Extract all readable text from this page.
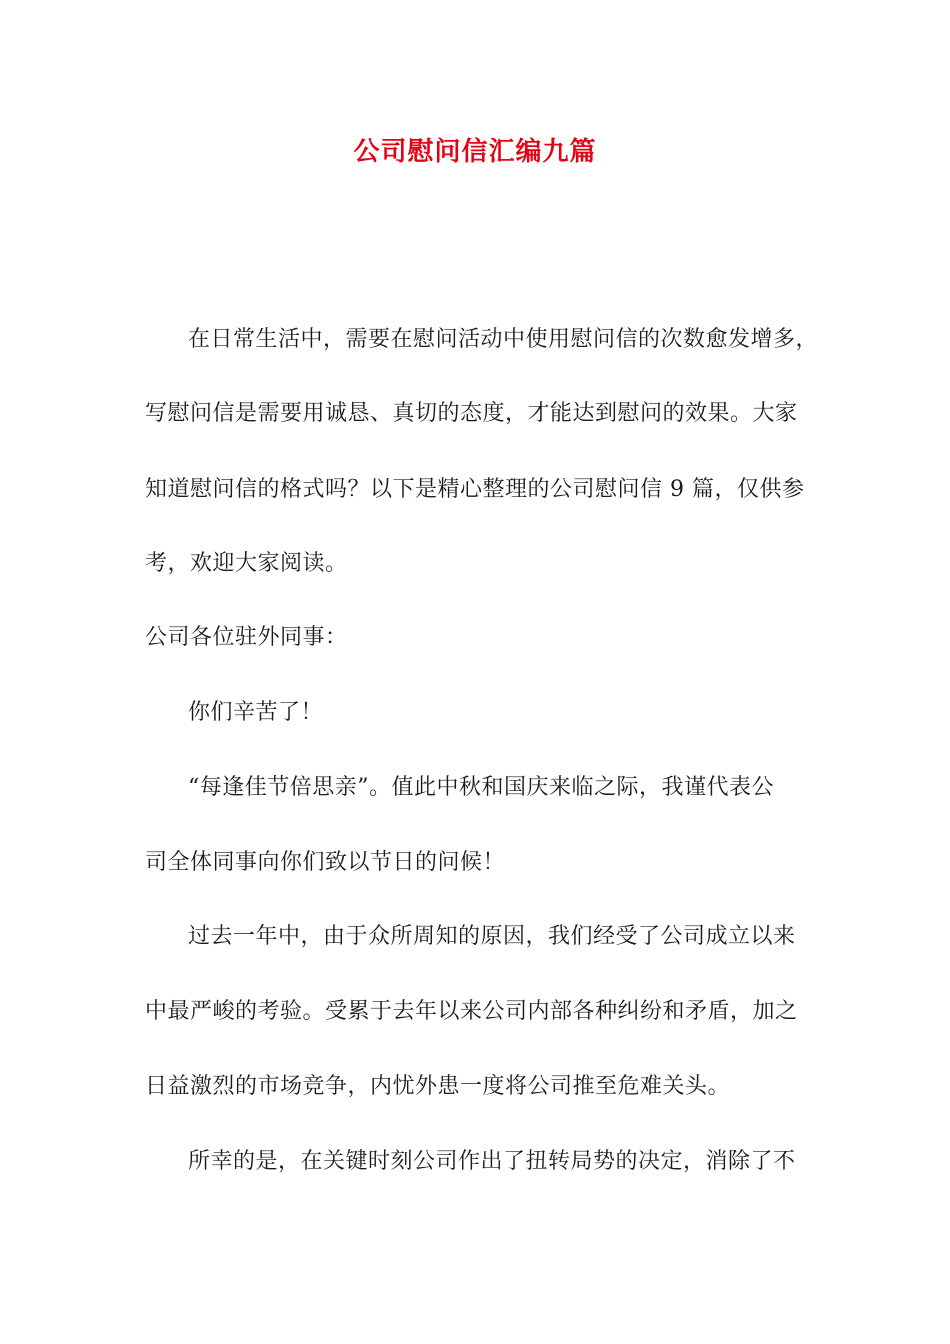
公司慰问信汇编九篇
在日常生活中，需要在慰问活动中使用慰问信的次数愈发增多，
写慰问信是需要用诚恳、真切的态度，才能达到慰问的效果。大家
知道慰问信的格式吗？以下是精心整理的公司慰问信 9 篇，仅供参
考，欢迎大家阅读。
公司各位驻外同事：
你们辛苦了！
“每逢佳节倍思亲”。值此中秋和国庆来临之际，我谨代表公
司全体同事向你们致以节日的问候！
过去一年中，由于众所周知的原因，我们经受了公司成立以来
中最严峻的考验。受累于去年以来公司内部各种纠纷和矛盾，加之
日益激烈的市场竞争，内忧外患一度将公司推至危难关头。
所幸的是，在关键时刻公司作出了扭转局势的决定，消除了不
